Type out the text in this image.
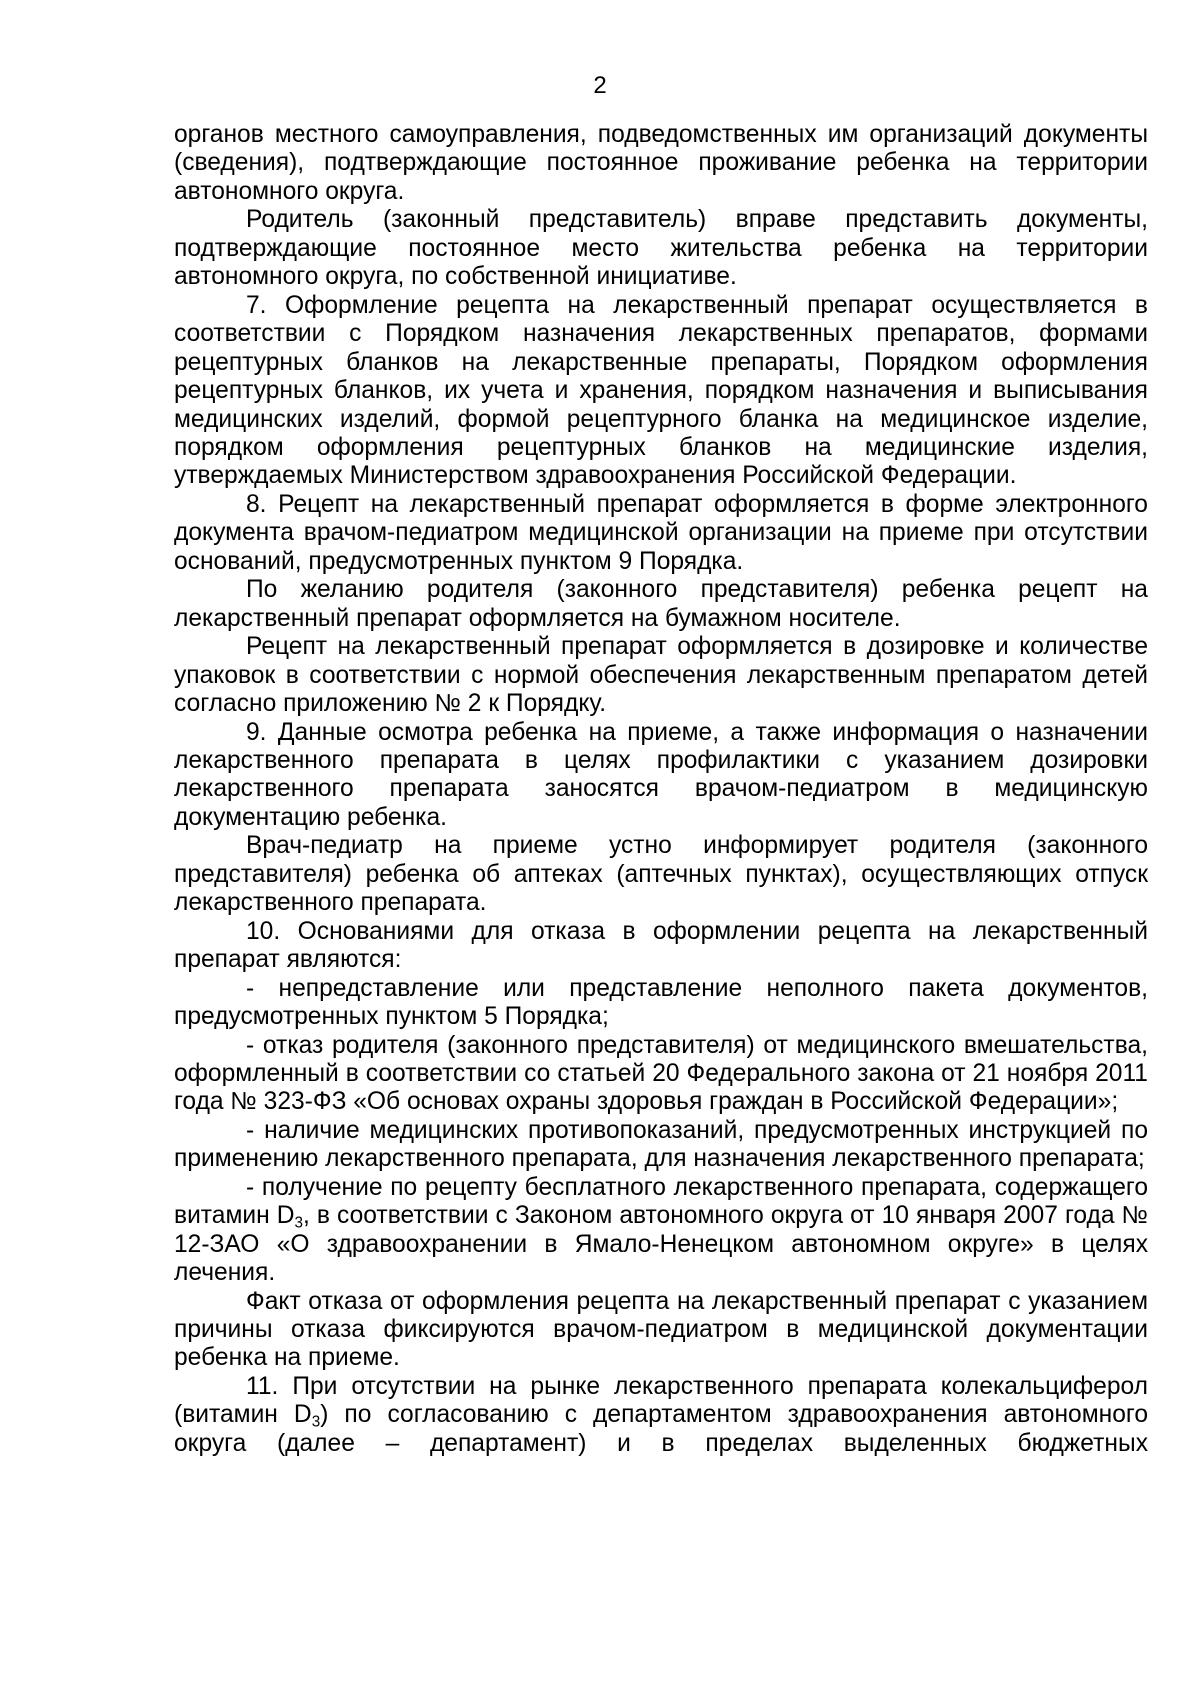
2

органов местного самоуправления, подведомственных им организаций документы (сведения), подтверждающие постоянное проживание ребенка на территории автономного округа.

Родитель (законный представитель) вправе представить документы, подтверждающие постоянное место жительства ребенка на территории автономного округа, по собственной инициативе.

7. Оформление рецепта на лекарственный препарат осуществляется в соответствии с Порядком назначения лекарственных препаратов, формами рецептурных бланков на лекарственные препараты, Порядком оформления рецептурных бланков, их учета и хранения, порядком назначения и выписывания медицинских изделий, формой рецептурного бланка на медицинское изделие, порядком оформления рецептурных бланков на медицинские изделия, утверждаемых Министерством здравоохранения Российской Федерации.

8. Рецепт на лекарственный препарат оформляется в форме электронного документа врачом-педиатром медицинской организации на приеме при отсутствии оснований, предусмотренных пунктом 9 Порядка.

По желанию родителя (законного представителя) ребенка рецепт на лекарственный препарат оформляется на бумажном носителе.

Рецепт на лекарственный препарат оформляется в дозировке и количестве упаковок в соответствии с нормой обеспечения лекарственным препаратом детей согласно приложению № 2 к Порядку.

9. Данные осмотра ребенка на приеме, а также информация о назначении лекарственного препарата в целях профилактики с указанием дозировки лекарственного препарата заносятся врачом-педиатром в медицинскую документацию ребенка.

Врач-педиатр на приеме устно информирует родителя (законного представителя) ребенка об аптеках (аптечных пунктах), осуществляющих отпуск лекарственного препарата.

10. Основаниями для отказа в оформлении рецепта на лекарственный препарат являются:

- непредставление или представление неполного пакета документов, предусмотренных пунктом 5 Порядка;

- отказ родителя (законного представителя) от медицинского вмешательства, оформленный в соответствии со статьей 20 Федерального закона от 21 ноября 2011 года № 323-ФЗ «Об основах охраны здоровья граждан в Российской Федерации»;

- наличие медицинских противопоказаний, предусмотренных инструкцией по применению лекарственного препарата, для назначения лекарственного препарата;

- получение по рецепту бесплатного лекарственного препарата, содержащего витамин $D_3$, в соответствии с Законом автономного округа от 10 января 2007 года № 12-ЗАО «О здравоохранении в Ямало-Ненецком автономном округе» в целях лечения.

Факт отказа от оформления рецепта на лекарственный препарат с указанием причины отказа фиксируются врачом-педиатром в медицинской документации ребенка на приеме.

11. При отсутствии на рынке лекарственного препарата колекальциферол (витамин $D_3$) по согласованию с департаментом здравоохранения автономного округа (далее – департамент) и в пределах выделенных бюджетных
